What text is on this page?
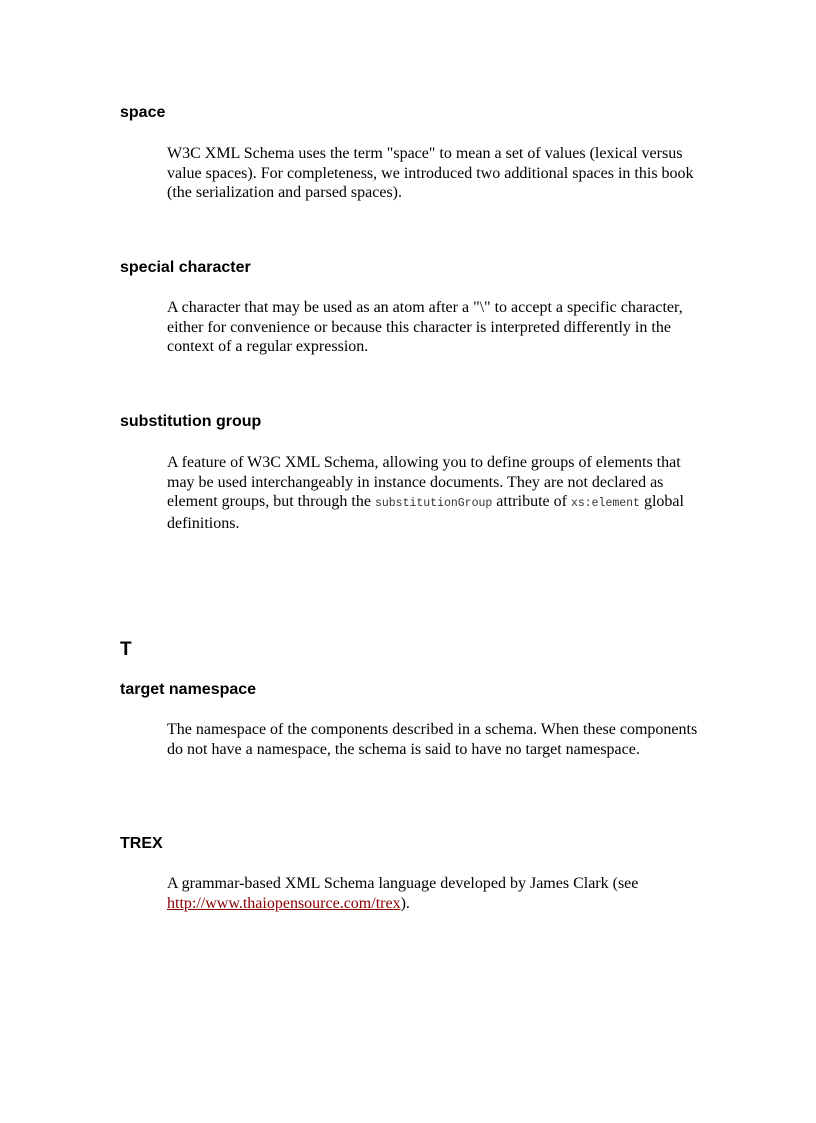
space

W3C XML Schema uses the term "space" to mean a set of values (lexical versus value spaces). For completeness, we introduced two additional spaces in this book (the serialization and parsed spaces).

special character

A character that may be used as an atom after a "\" to accept a specific character, either for convenience or because this character is interpreted differently in the context of a regular expression.

substitution group

A feature of W3C XML Schema, allowing you to define groups of elements that may be used interchangeably in instance documents. They are not declared as element groups, but through the substitutionGroup attribute of xs:element global definitions.

T
target namespace

The namespace of the components described in a schema. When these components do not have a namespace, the schema is said to have no target namespace.

TREX

A grammar-based XML Schema language developed by James Clark (see http://www.thaiopensource.com/trex).
